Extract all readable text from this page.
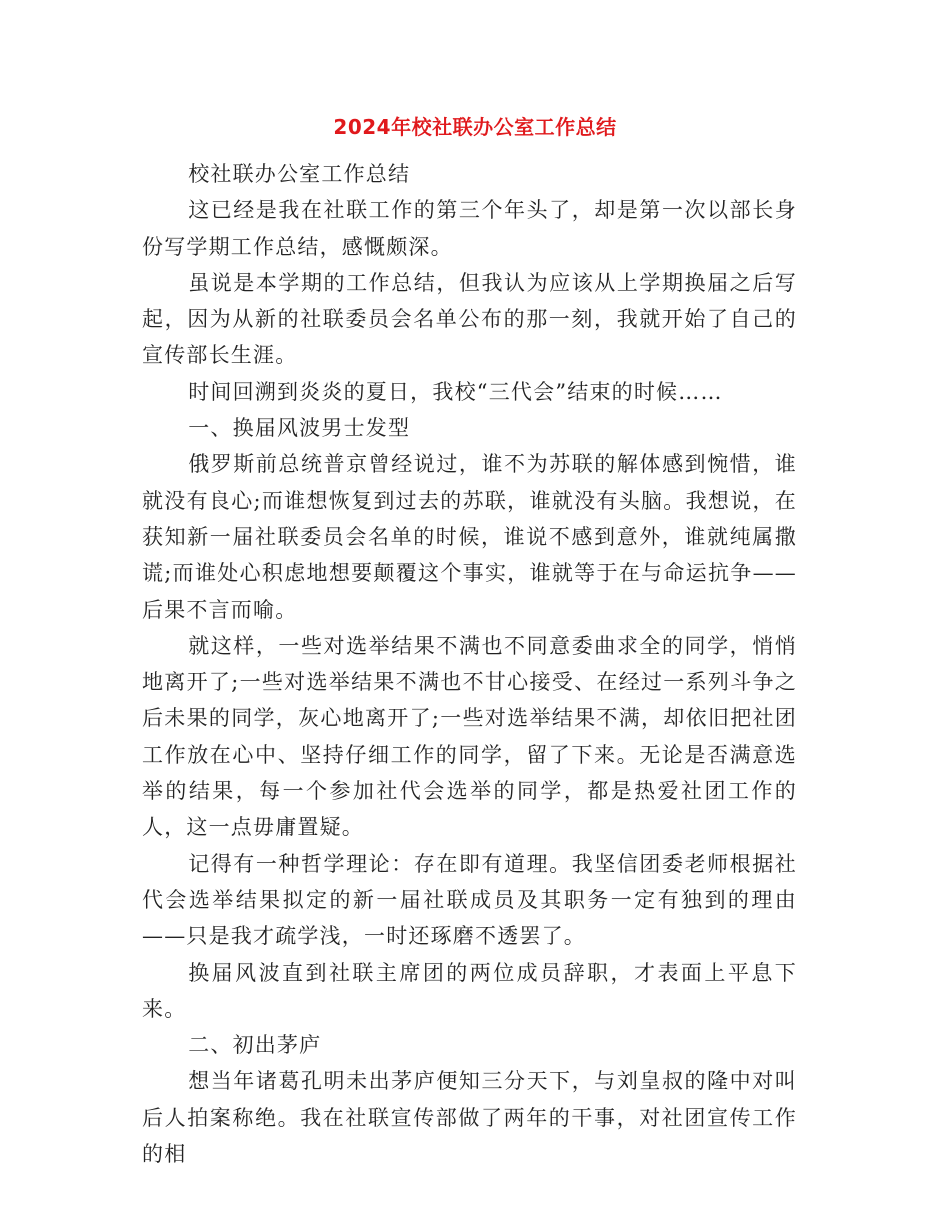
2024年校社联办公室工作总结

校社联办公室工作总结

这已经是我在社联工作的第三个年头了，却是第一次以部长身份写学期工作总结，感慨颇深。

虽说是本学期的工作总结，但我认为应该从上学期换届之后写起，因为从新的社联委员会名单公布的那一刻，我就开始了自己的宣传部长生涯。

时间回溯到炎炎的夏日，我校“三代会”结束的时候……

一、换届风波男士发型

俄罗斯前总统普京曾经说过，谁不为苏联的解体感到惋惜，谁就没有良心;而谁想恢复到过去的苏联，谁就没有头脑。我想说，在获知新一届社联委员会名单的时候，谁说不感到意外，谁就纯属撒谎;而谁处心积虑地想要颠覆这个事实，谁就等于在与命运抗争——后果不言而喻。

就这样，一些对选举结果不满也不同意委曲求全的同学，悄悄地离开了;一些对选举结果不满也不甘心接受、在经过一系列斗争之后未果的同学，灰心地离开了;一些对选举结果不满，却依旧把社团工作放在心中、坚持仔细工作的同学，留了下来。无论是否满意选举的结果，每一个参加社代会选举的同学，都是热爱社团工作的人，这一点毋庸置疑。

记得有一种哲学理论：存在即有道理。我坚信团委老师根据社代会选举结果拟定的新一届社联成员及其职务一定有独到的理由——只是我才疏学浅，一时还琢磨不透罢了。

换届风波直到社联主席团的两位成员辞职，才表面上平息下来。

二、初出茅庐

想当年诸葛孔明未出茅庐便知三分天下，与刘皇叔的隆中对叫后人拍案称绝。我在社联宣传部做了两年的干事，对社团宣传工作的相
